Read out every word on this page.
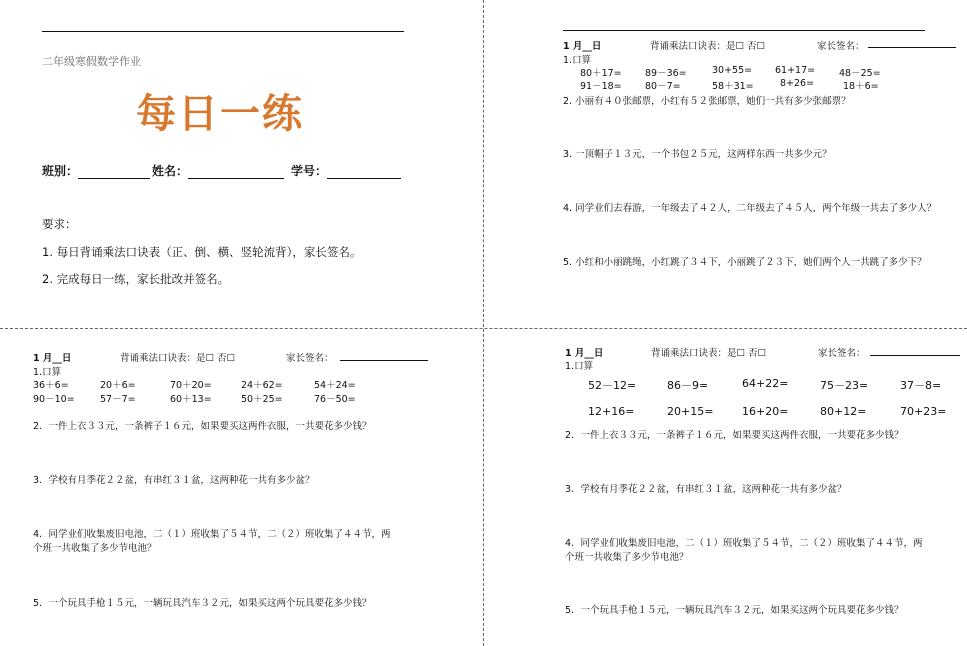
二年级寒假数学作业
每日一练
班别：	姓名：	学号：
要求：
1. 每日背诵乘法口诀表（正、倒、横、竖轮流背），家长签名。
2. 完成每日一练，家长批改并签名。
1 月__日	背诵乘法口诀表：是☐ 否☐	家长签名：
1.口算
80＋17= 89－36=	30+55= 61+17=	48－25=
91－18= 80－7=	58＋31=	8+26=	18＋6=
2. 小丽有４０张邮票，小红有５２张邮票，她们一共有多少张邮票？
3. 一顶帽子１３元，一个书包２５元，这两样东西一共多少元？
4. 同学业们去春游，一年级去了４２人，二年级去了４５人，两个年级一共去了多少人？
5. 小红和小丽跳绳，小红跳了３４下，小丽跳了２３下，她们两个人一共跳了多少下？
1 月__日	背诵乘法口诀表：是☐ 否☐	家长签名：
1.口算
36＋6=	20＋6=	70＋20=	24＋62=	54＋24=
90－10=	57－7=	60＋13=	50＋25=	76－50=
2．一件上衣３３元，一条裤子１６元，如果要买这两件衣服，一共要花多少钱？
3．学校有月季花２２盆，有串红３１盆，这两种花一共有多少盆？
4．同学业们收集废旧电池，二（１）班收集了５４节，二（２）班收集了４４节，两
个班一共收集了多少节电池？
5．一个玩具手枪１５元，一辆玩具汽车３２元，如果买这两个玩具要花多少钱？
1 月__日	背诵乘法口诀表：是☐ 否☐	家长签名：
1.口算
52－12=	86－9=	64+22=	75－23=	37－8=
12+16=	20+15=	16+20=	80+12=	70+23=
2．一件上衣３３元，一条裤子１６元，如果要买这两件衣服，一共要花多少钱？
3．学校有月季花２２盆，有串红３１盆，这两种花一共有多少盆？
4．同学业们收集废旧电池，二（１）班收集了５４节，二（２）班收集了４４节，两
个班一共收集了多少节电池？
5．一个玩具手枪１５元，一辆玩具汽车３２元，如果买这两个玩具要花多少钱？
